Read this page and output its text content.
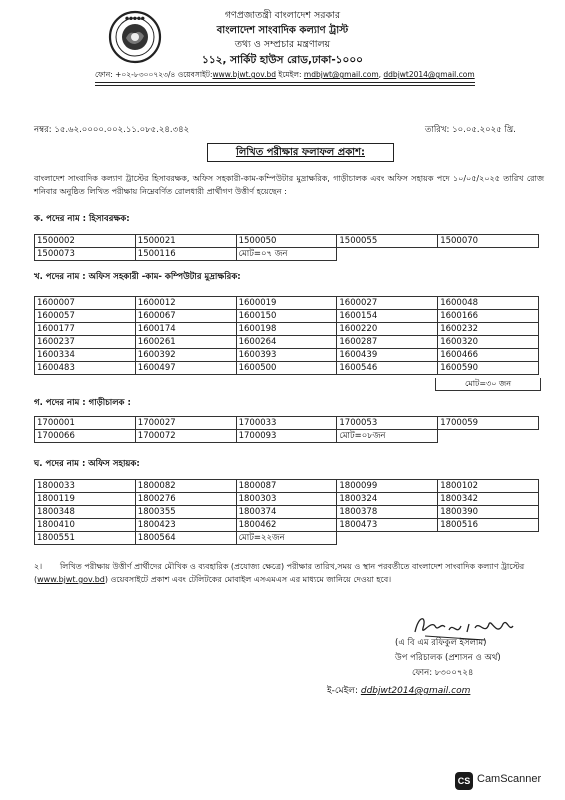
●●●●●	গণপ্রজাতন্ত্রী বাংলাদেশ সরকার
বাংলাদেশ সাংবাদিক কল্যাণ ট্রাস্ট
তথ্য ও সম্প্রচার মন্ত্রণালয়
১১২, সার্কিট হাউস রোড,ঢাকা-১০০০
ফোন: +০২-৮৩০০৭২৩/৪ ওয়েবসাইট:www.bjwt.gov.bd ইমেইল: mdbjwt@gmail.com, ddbjwt2014@gmail.com
নম্বর: ১৫.৬২.০০০০.০০২.১১.০৮৫.২৪.৩৪২	তারিখ: ১০.০৫.২০২৫ খ্রি.
লিখিত পরীক্ষার ফলাফল প্রকাশ:
বাংলাদেশ সাংবাদিক কল্যাণ ট্রাস্টের হিসাবরক্ষক, অফিস সহকারী-কাম-কম্পিউটার মুদ্রাক্ষরিক, গাড়ীচালক এবং অফিস সহায়ক পদে ১০/০৫/২০২৫ তারিখ রোজ শনিবার অনুষ্ঠিত লিখিত পরীক্ষায় নিম্নেবর্ণিত রোলধারী প্রার্থীগণ উত্তীর্ণ হয়েছেন :
ক. পদের নাম : হিসাবরক্ষক:
1500002	1500021	1500050	1500055	1500070
1500073	1500116	মোট=০৭ জন		
খ. পদের নাম : অফিস সহকারী -কাম- কম্পিউটার মুদ্রাক্ষরিক:
1600007	1600012	1600019	1600027	1600048
1600057	1600067	1600150	1600154	1600166
1600177	1600174	1600198	1600220	1600232
1600237	1600261	1600264	1600287	1600320
1600334	1600392	1600393	1600439	1600466
1600483	1600497	1600500	1600546	1600590
মোট=৩০ জন
গ. পদের নাম : গাড়ীচালক :
1700001	1700027	1700033	1700053	1700059
1700066	1700072	1700093	মোট=০৮জন	
ঘ. পদের নাম : অফিস সহায়ক:
1800033	1800082	1800087	1800099	1800102
1800119	1800276	1800303	1800324	1800342
1800348	1800355	1800374	1800378	1800390
1800410	1800423	1800462	1800473	1800516
1800551	1800564	মোট=২২জন		
২। লিখিত পরীক্ষায় উত্তীর্ণ প্রার্থীদের মৌখিক ও ব্যবহারিক (প্রযোজ্য ক্ষেত্রে) পরীক্ষার তারিখ,সময় ও স্থান পরবর্তীতে বাংলাদেশ সাংবাদিক কল্যাণ ট্রাস্টের (www.bjwt.gov.bd) ওয়েবসাইটে প্রকাশ এবং টেলিটকের মোবাইল এসএমএস এর মাধ্যমে জানিয়ে দেওয়া হবে।
(এ বি এম রফিকুল ইসলাম)
উপ পরিচালক (প্রশাসন ও অর্থ)
ফোন: ৮৩০০৭২৪
ই-মেইল: ddbjwt2014@gmail.com
CS CamScanner
